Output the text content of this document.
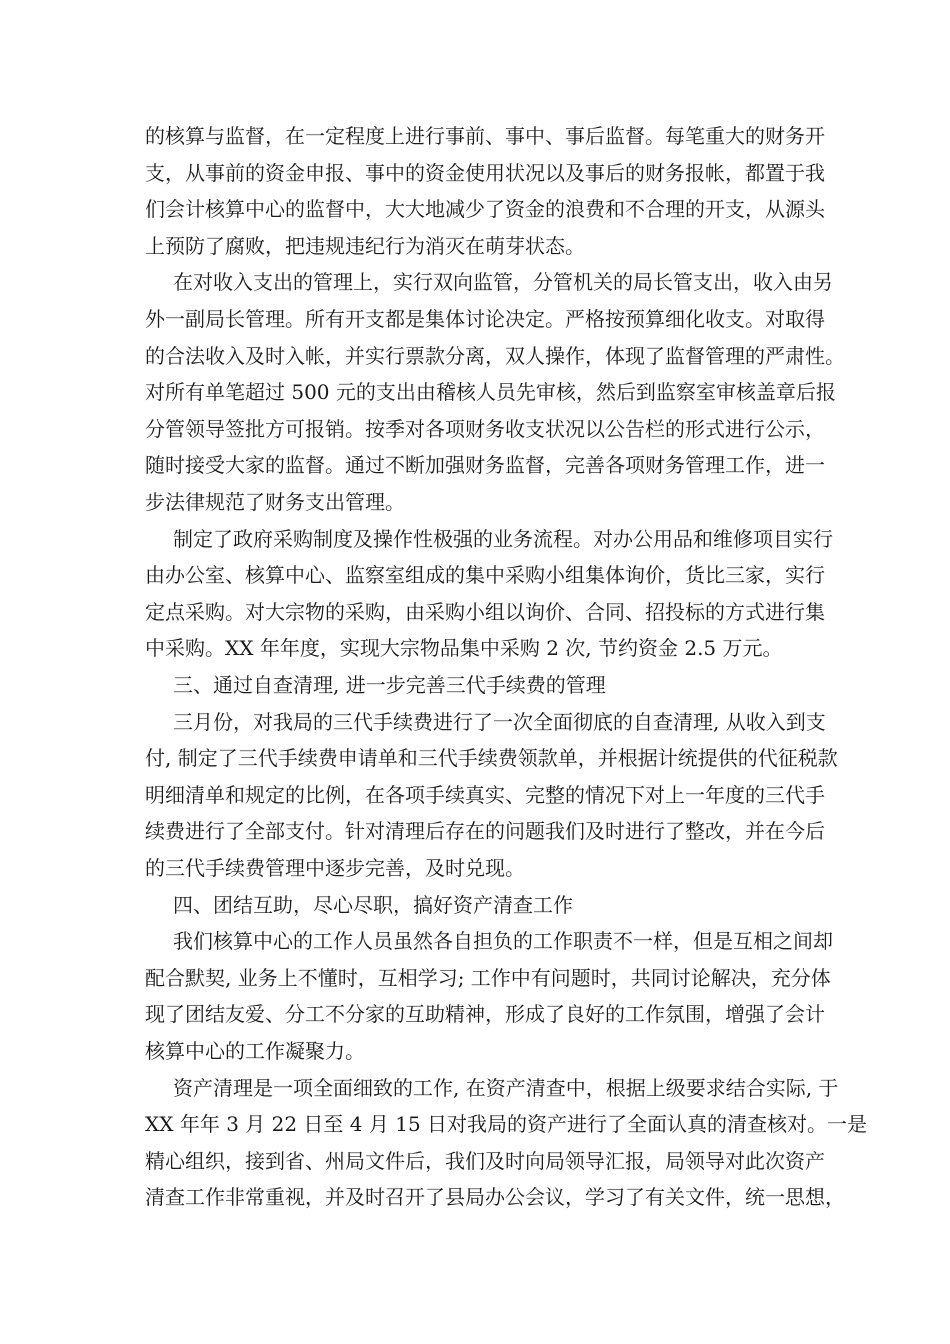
的核算与监督，在一定程度上进行事前、事中、事后监督。每笔重大的财务开
支，从事前的资金申报、事中的资金使用状况以及事后的财务报帐，都置于我
们会计核算中心的监督中，大大地减少了资金的浪费和不合理的开支，从源头
上预防了腐败，把违规违纪行为消灭在萌芽状态。
在对收入支出的管理上，实行双向监管，分管机关的局长管支出，收入由另
外一副局长管理。所有开支都是集体讨论决定。严格按预算细化收支。对取得
的合法收入及时入帐，并实行票款分离，双人操作，体现了监督管理的严肃性。
对所有单笔超过 500 元的支出由稽核人员先审核，然后到监察室审核盖章后报
分管领导签批方可报销。按季对各项财务收支状况以公告栏的形式进行公示，
随时接受大家的监督。通过不断加强财务监督，完善各项财务管理工作，进一
步法律规范了财务支出管理。
制定了政府采购制度及操作性极强的业务流程。对办公用品和维修项目实行
由办公室、核算中心、监察室组成的集中采购小组集体询价，货比三家，实行
定点采购。对大宗物的采购，由采购小组以询价、合同、招投标的方式进行集
中采购。XX 年年度，实现大宗物品集中采购 2 次, 节约资金 2.5 万元。
三、通过自查清理, 进一步完善三代手续费的管理
三月份，对我局的三代手续费进行了一次全面彻底的自查清理, 从收入到支
付, 制定了三代手续费申请单和三代手续费领款单，并根据计统提供的代征税款
明细清单和规定的比例，在各项手续真实、完整的情况下对上一年度的三代手
续费进行了全部支付。针对清理后存在的问题我们及时进行了整改，并在今后
的三代手续费管理中逐步完善，及时兑现。
四、团结互助，尽心尽职，搞好资产清查工作
我们核算中心的工作人员虽然各自担负的工作职责不一样，但是互相之间却
配合默契, 业务上不懂时，互相学习; 工作中有问题时，共同讨论解决，充分体
现了团结友爱、分工不分家的互助精神，形成了良好的工作氛围，增强了会计
核算中心的工作凝聚力。
资产清理是一项全面细致的工作, 在资产清查中，根据上级要求结合实际, 于
XX 年年 3 月 22 日至 4 月 15 日对我局的资产进行了全面认真的清查核对。一是
精心组织，接到省、州局文件后，我们及时向局领导汇报，局领导对此次资产
清查工作非常重视，并及时召开了县局办公会议，学习了有关文件，统一思想，
